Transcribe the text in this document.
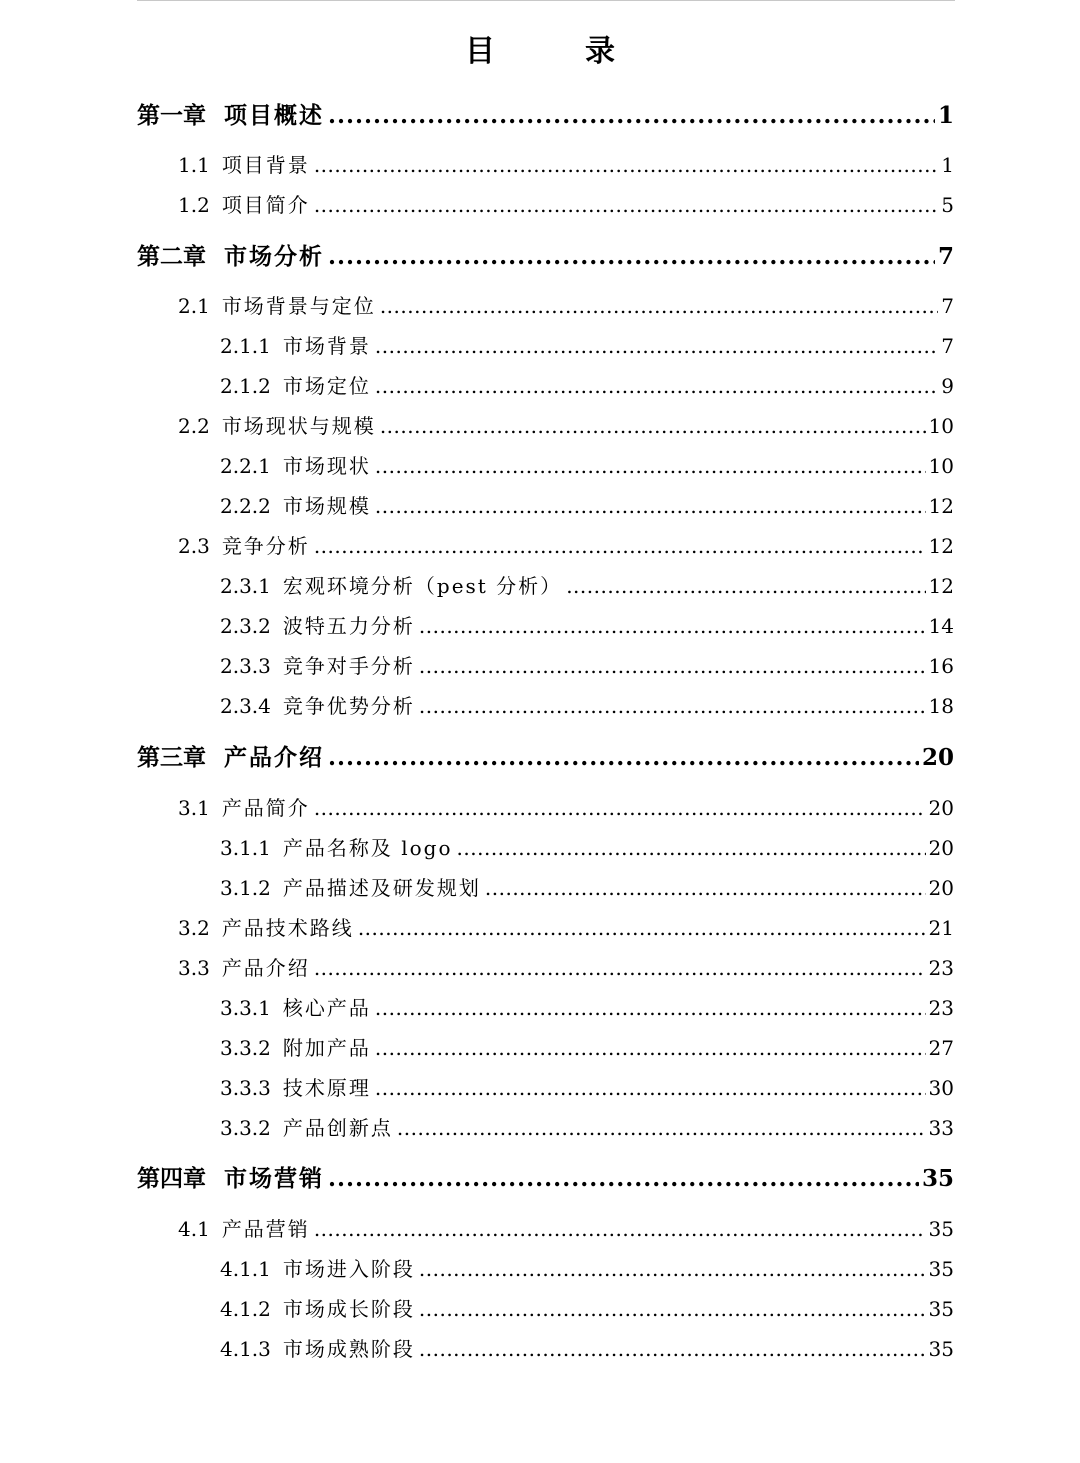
目　录
第一章 项目概述 .....	1
1.1 项目背景 .....	1
1.2 项目简介 .....	5
第二章 市场分析 .....	7
2.1 市场背景与定位 .....	7
2.1.1 市场背景 .....	7
2.1.2 市场定位 .....	9
2.2 市场现状与规模 .....	10
2.2.1 市场现状 .....	10
2.2.2 市场规模 .....	12
2.3 竞争分析 .....	12
2.3.1 宏观环境分析（pest 分析） .....	12
2.3.2 波特五力分析 .....	14
2.3.3 竞争对手分析 .....	16
2.3.4 竞争优势分析 .....	18
第三章 产品介绍 .....	20
3.1 产品简介 .....	20
3.1.1 产品名称及 logo .....	20
3.1.2 产品描述及研发规划 .....	20
3.2 产品技术路线 .....	21
3.3 产品介绍 .....	23
3.3.1 核心产品 .....	23
3.3.2 附加产品 .....	27
3.3.3 技术原理 .....	30
3.3.2 产品创新点 .....	33
第四章 市场营销 .....	35
4.1 产品营销 .....	35
4.1.1 市场进入阶段 .....	35
4.1.2 市场成长阶段 .....	35
4.1.3 市场成熟阶段 .....	35
